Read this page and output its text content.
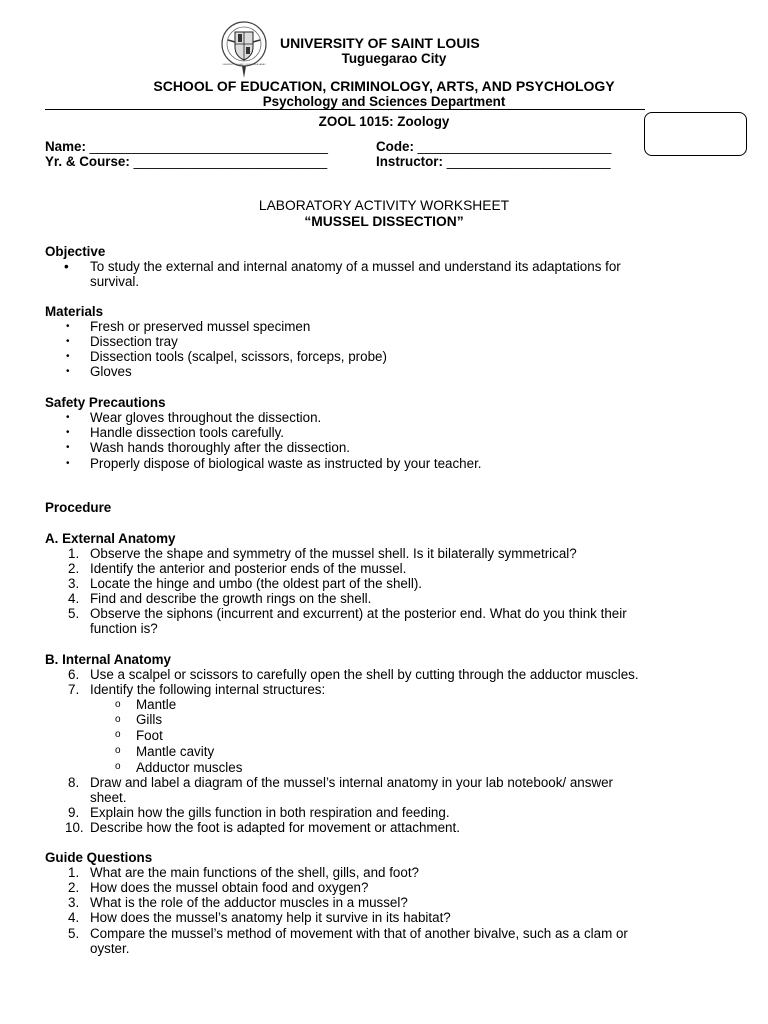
UNIVERSITY OF SAINT LOUIS TUGUEGARAO
UNIVERSITY OF SAINT LOUIS
Tuguegarao City
SCHOOL OF EDUCATION, CRIMINOLOGY, ARTS, AND PSYCHOLOGY
Psychology and Sciences Department
ZOOL 1015: Zoology
Name: ________________________________	Code: __________________________
Yr. & Course: __________________________	Instructor: ______________________
LABORATORY ACTIVITY WORKSHEET
“MUSSEL DISSECTION”
Objective
• To study the external and internal anatomy of a mussel and understand its adaptations for
survival.
Materials
• Fresh or preserved mussel specimen
• Dissection tray
• Dissection tools (scalpel, scissors, forceps, probe)
• Gloves
Safety Precautions
• Wear gloves throughout the dissection.
• Handle dissection tools carefully.
• Wash hands thoroughly after the dissection.
• Properly dispose of biological waste as instructed by your teacher.
Procedure
A. External Anatomy
1. Observe the shape and symmetry of the mussel shell. Is it bilaterally symmetrical?
2. Identify the anterior and posterior ends of the mussel.
3. Locate the hinge and umbo (the oldest part of the shell).
4. Find and describe the growth rings on the shell.
5. Observe the siphons (incurrent and excurrent) at the posterior end. What do you think their
function is?
B. Internal Anatomy
6. Use a scalpel or scissors to carefully open the shell by cutting through the adductor muscles.
7. Identify the following internal structures:
o Mantle
o Gills
o Foot
o Mantle cavity
o Adductor muscles
8. Draw and label a diagram of the mussel’s internal anatomy in your lab notebook/ answer
sheet.
9. Explain how the gills function in both respiration and feeding.
10. Describe how the foot is adapted for movement or attachment.
Guide Questions
1. What are the main functions of the shell, gills, and foot?
2. How does the mussel obtain food and oxygen?
3. What is the role of the adductor muscles in a mussel?
4. How does the mussel’s anatomy help it survive in its habitat?
5. Compare the mussel’s method of movement with that of another bivalve, such as a clam or
oyster.
